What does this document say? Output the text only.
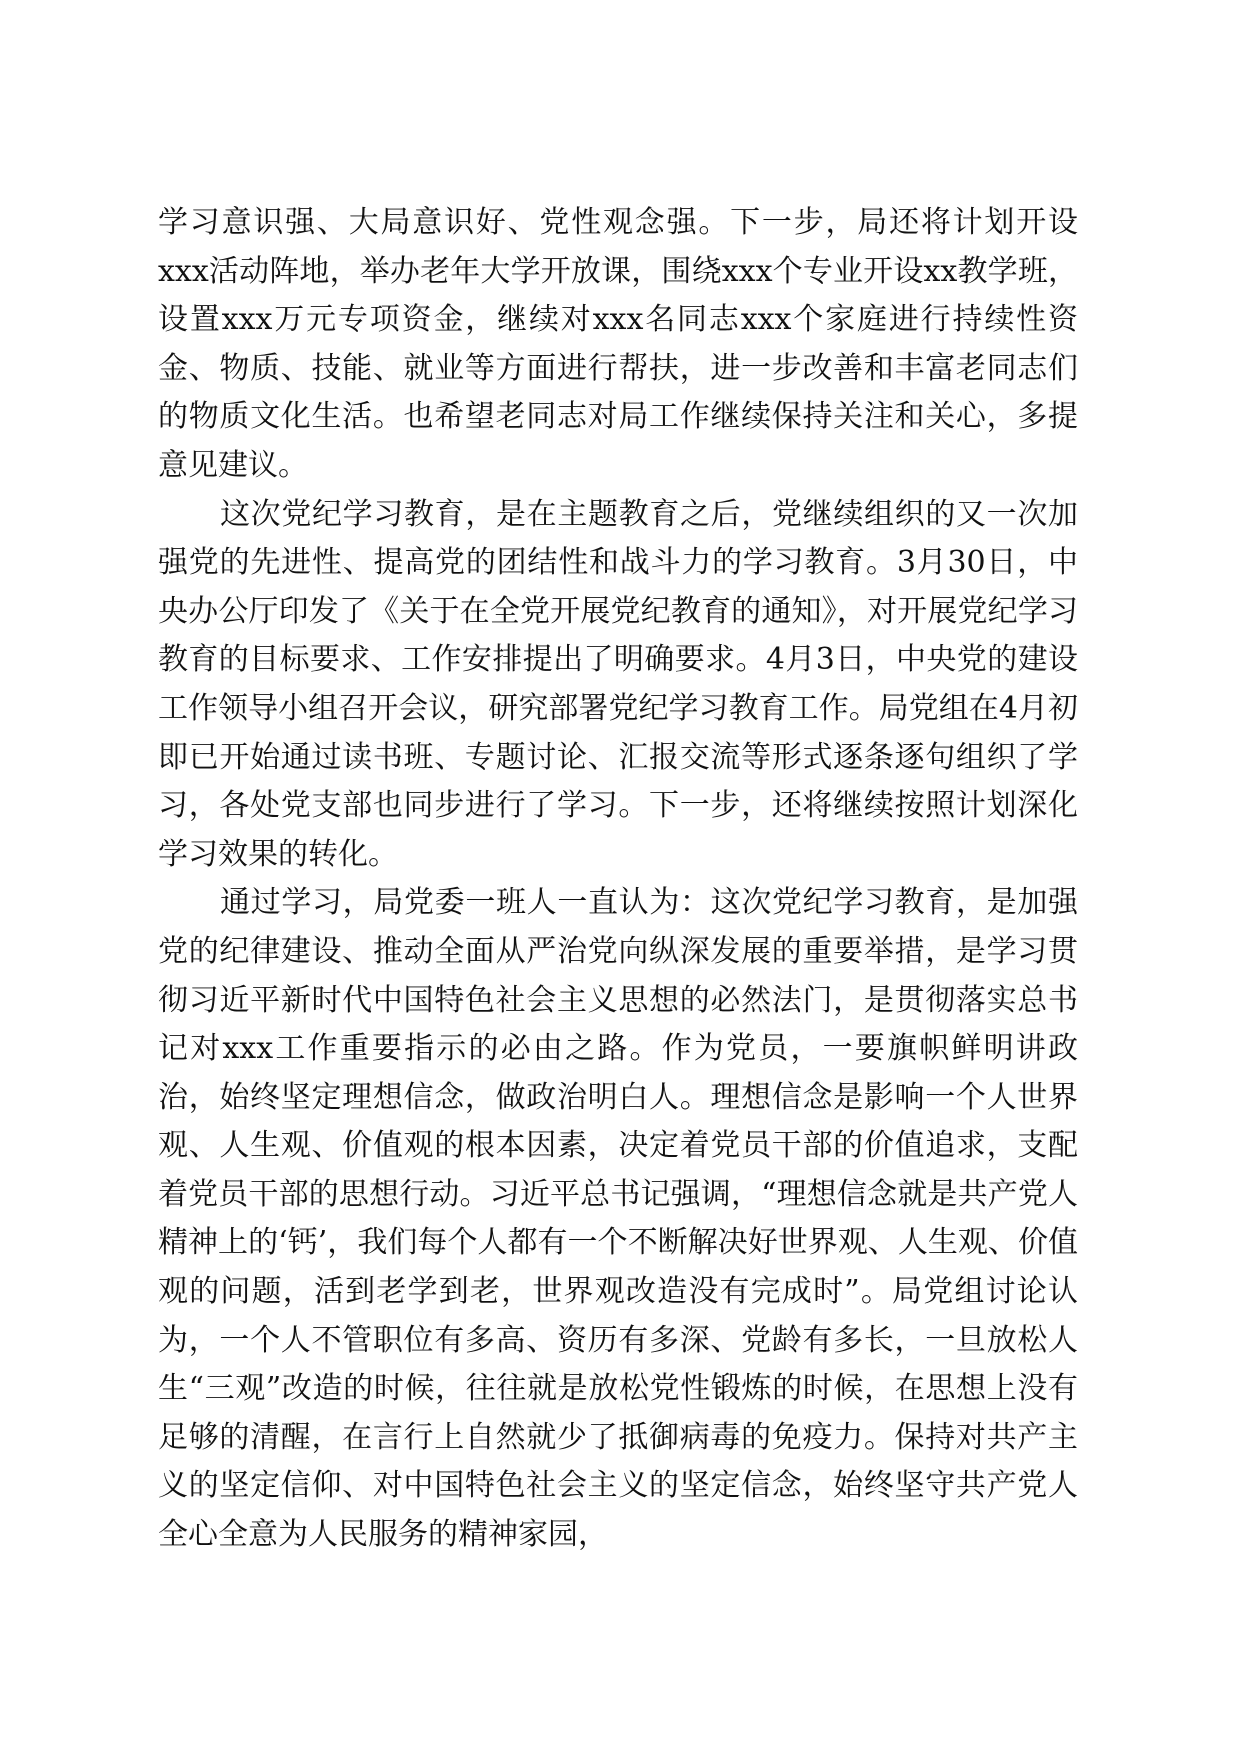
学习意识强、大局意识好、党性观念强。下一步，局还将计划开设xxx活动阵地，举办老年大学开放课，围绕xxx个专业开设xx教学班，设置xxx万元专项资金，继续对xxx名同志xxx个家庭进行持续性资金、物质、技能、就业等方面进行帮扶，进一步改善和丰富老同志们的物质文化生活。也希望老同志对局工作继续保持关注和关心，多提意见建议。

这次党纪学习教育，是在主题教育之后，党继续组织的又一次加强党的先进性、提高党的团结性和战斗力的学习教育。3月30日，中央办公厅印发了《关于在全党开展党纪教育的通知》，对开展党纪学习教育的目标要求、工作安排提出了明确要求。4月3日，中央党的建设工作领导小组召开会议，研究部署党纪学习教育工作。局党组在4月初即已开始通过读书班、专题讨论、汇报交流等形式逐条逐句组织了学习，各处党支部也同步进行了学习。下一步，还将继续按照计划深化学习效果的转化。

通过学习，局党委一班人一直认为：这次党纪学习教育，是加强党的纪律建设、推动全面从严治党向纵深发展的重要举措，是学习贯彻习近平新时代中国特色社会主义思想的必然法门，是贯彻落实总书记对xxx工作重要指示的必由之路。作为党员，一要旗帜鲜明讲政治，始终坚定理想信念，做政治明白人。理想信念是影响一个人世界观、人生观、价值观的根本因素，决定着党员干部的价值追求，支配着党员干部的思想行动。习近平总书记强调，“理想信念就是共产党人精神上的‘钙’，我们每个人都有一个不断解决好世界观、人生观、价值观的问题，活到老学到老，世界观改造没有完成时”。局党组讨论认为，一个人不管职位有多高、资历有多深、党龄有多长，一旦放松人生“三观”改造的时候，往往就是放松党性锻炼的时候，在思想上没有足够的清醒，在言行上自然就少了抵御病毒的免疫力。保持对共产主义的坚定信仰、对中国特色社会主义的坚定信念，始终坚守共产党人全心全意为人民服务的精神家园，
